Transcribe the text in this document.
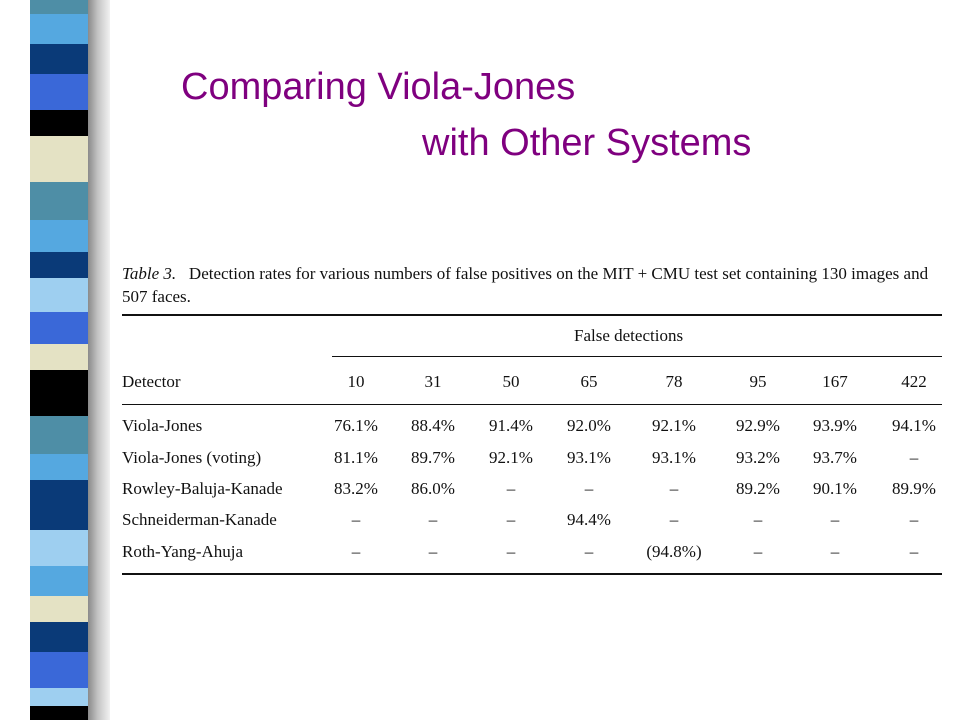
Comparing Viola-Jones
with Other Systems
Table 3. Detection rates for various numbers of false positives on the MIT + CMU test set containing 130 images and 507 faces.
False detections
Detector	10	31	50	65	78	95	167	422
Viola-Jones	76.1%	88.4%	91.4%	92.0%	92.1%	92.9%	93.9%	94.1%
Viola-Jones (voting)	81.1%	89.7%	92.1%	93.1%	93.1%	93.2%	93.7%	–
Rowley-Baluja-Kanade	83.2%	86.0%	–	–	–	89.2%	90.1%	89.9%
Schneiderman-Kanade	–	–	–	94.4%	–	–	–	–
Roth-Yang-Ahuja	–	–	–	–	(94.8%)	–	–	–
